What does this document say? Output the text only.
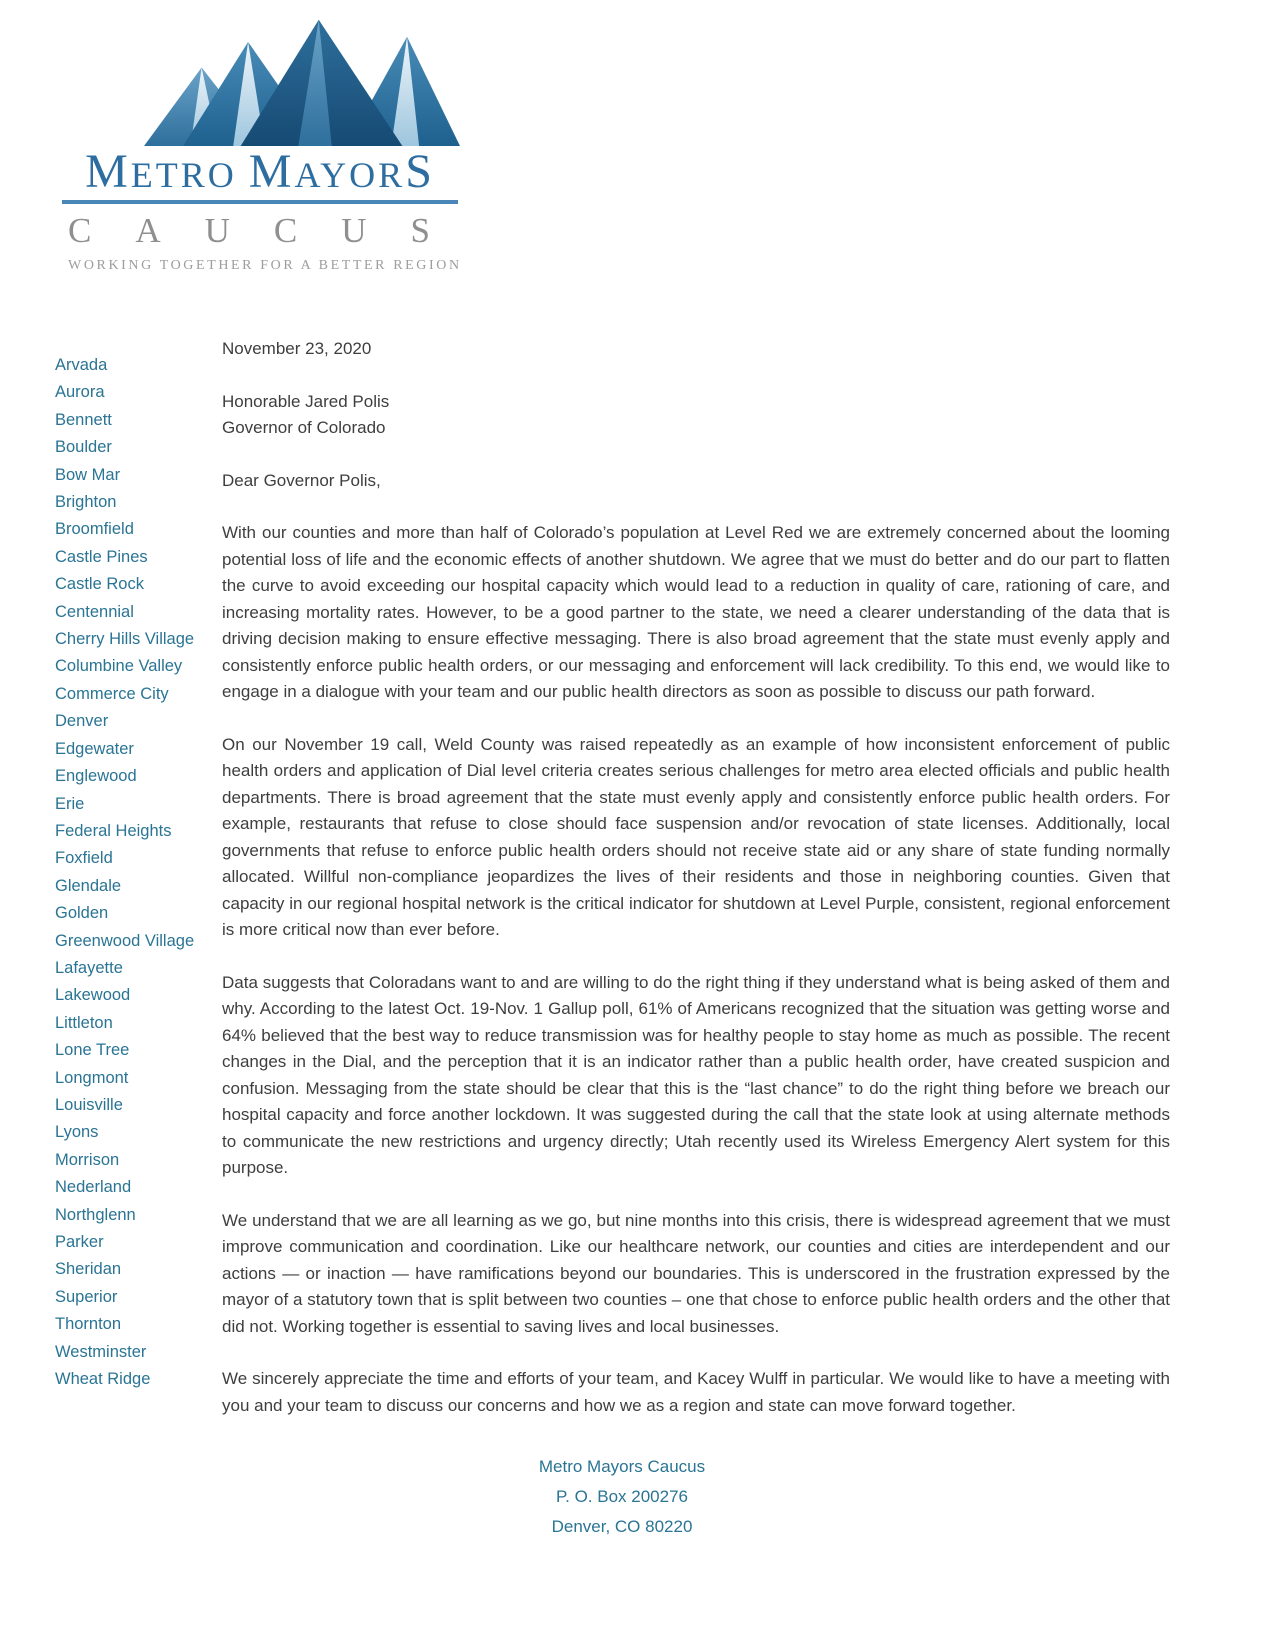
METRO MAYORS
CAUCUS
WORKING TOGETHER FOR A BETTER REGION
Arvada
Aurora
Bennett
Boulder
Bow Mar
Brighton
Broomfield
Castle Pines
Castle Rock
Centennial
Cherry Hills Village
Columbine Valley
Commerce City
Denver
Edgewater
Englewood
Erie
Federal Heights
Foxfield
Glendale
Golden
Greenwood Village
Lafayette
Lakewood
Littleton
Lone Tree
Longmont
Louisville
Lyons
Morrison
Nederland
Northglenn
Parker
Sheridan
Superior
Thornton
Westminster
Wheat Ridge
November 23, 2020
Honorable Jared Polis
Governor of Colorado
Dear Governor Polis,

With our counties and more than half of Colorado’s population at Level Red we are extremely concerned about the looming potential loss of life and the economic effects of another shutdown. We agree that we must do better and do our part to flatten the curve to avoid exceeding our hospital capacity which would lead to a reduction in quality of care, rationing of care, and increasing mortality rates. However, to be a good partner to the state, we need a clearer understanding of the data that is driving decision making to ensure effective messaging. There is also broad agreement that the state must evenly apply and consistently enforce public health orders, or our messaging and enforcement will lack credibility. To this end, we would like to engage in a dialogue with your team and our public health directors as soon as possible to discuss our path forward.

On our November 19 call, Weld County was raised repeatedly as an example of how inconsistent enforcement of public health orders and application of Dial level criteria creates serious challenges for metro area elected officials and public health departments. There is broad agreement that the state must evenly apply and consistently enforce public health orders. For example, restaurants that refuse to close should face suspension and/or revocation of state licenses. Additionally, local governments that refuse to enforce public health orders should not receive state aid or any share of state funding normally allocated. Willful non-compliance jeopardizes the lives of their residents and those in neighboring counties. Given that capacity in our regional hospital network is the critical indicator for shutdown at Level Purple, consistent, regional enforcement is more critical now than ever before.

Data suggests that Coloradans want to and are willing to do the right thing if they understand what is being asked of them and why. According to the latest Oct. 19-Nov. 1 Gallup poll, 61% of Americans recognized that the situation was getting worse and 64% believed that the best way to reduce transmission was for healthy people to stay home as much as possible. The recent changes in the Dial, and the perception that it is an indicator rather than a public health order, have created suspicion and confusion. Messaging from the state should be clear that this is the “last chance” to do the right thing before we breach our hospital capacity and force another lockdown. It was suggested during the call that the state look at using alternate methods to communicate the new restrictions and urgency directly; Utah recently used its Wireless Emergency Alert system for this purpose.

We understand that we are all learning as we go, but nine months into this crisis, there is widespread agreement that we must improve communication and coordination. Like our healthcare network, our counties and cities are interdependent and our actions — or inaction — have ramifications beyond our boundaries. This is underscored in the frustration expressed by the mayor of a statutory town that is split between two counties – one that chose to enforce public health orders and the other that did not. Working together is essential to saving lives and local businesses.

We sincerely appreciate the time and efforts of your team, and Kacey Wulff in particular. We would like to have a meeting with you and your team to discuss our concerns and how we as a region and state can move forward together.

Metro Mayors Caucus
P. O. Box 200276
Denver, CO 80220
